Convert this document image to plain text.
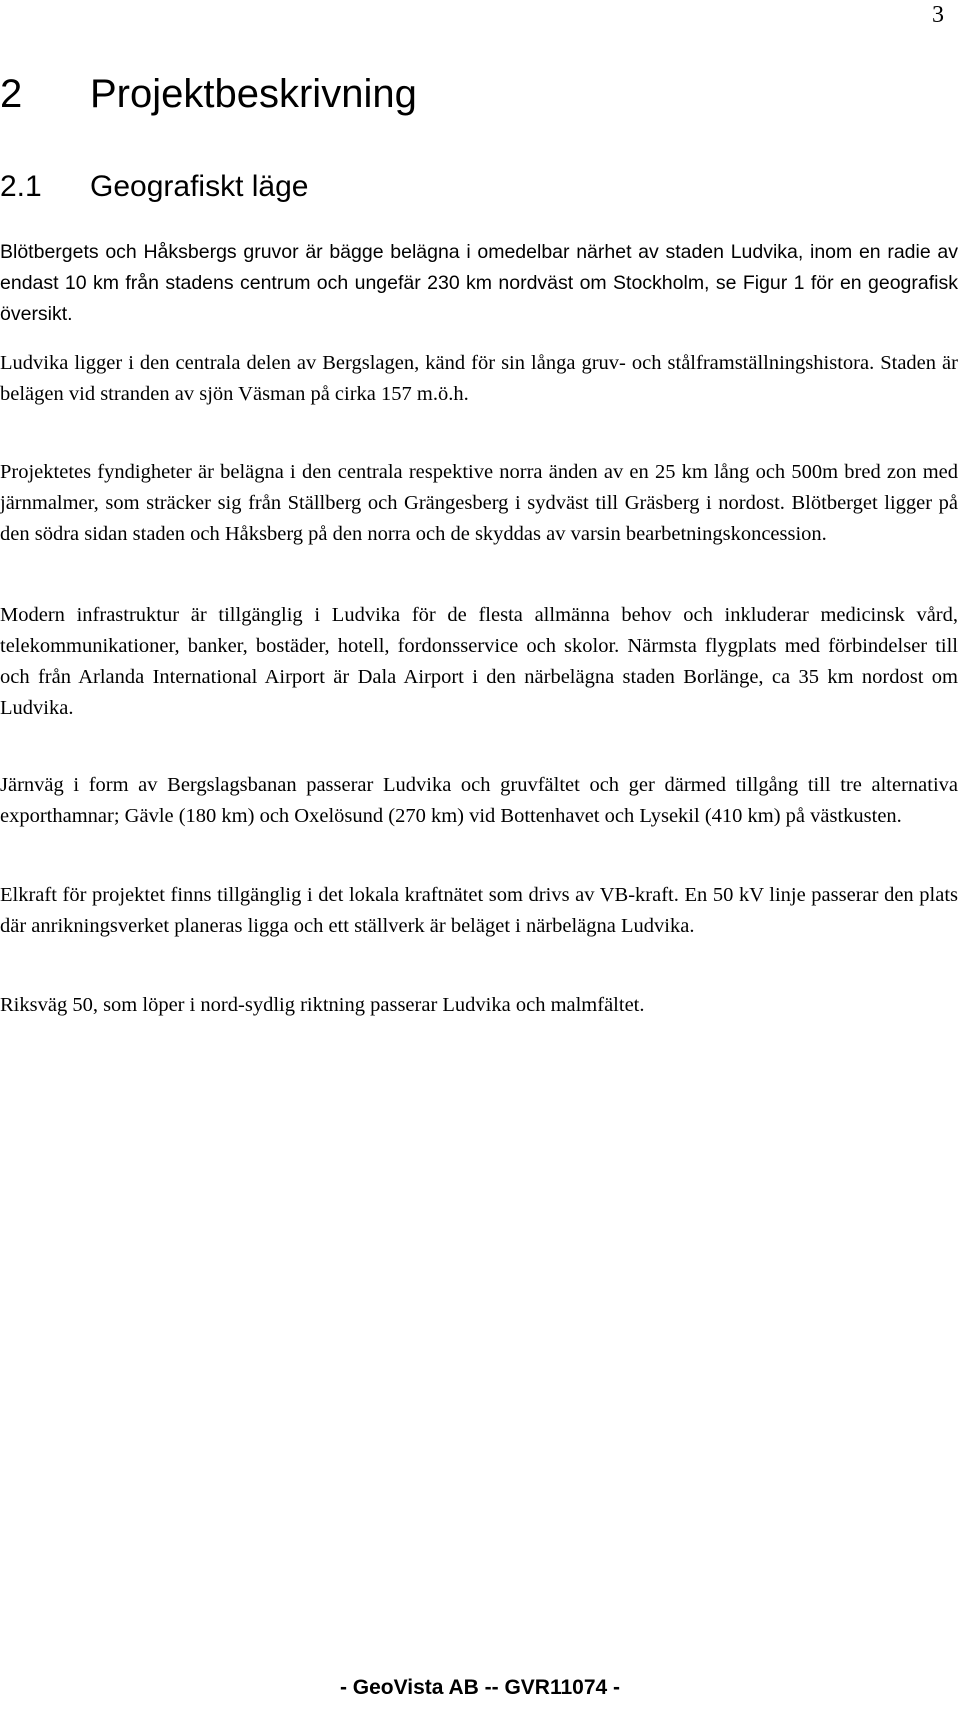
3
2 Projektbeskrivning
2.1 Geografiskt läge

Blötbergets och Håksbergs gruvor är bägge belägna i omedelbar närhet av staden Ludvika, inom en radie av endast 10 km från stadens centrum och ungefär 230 km nordväst om Stockholm, se Figur 1 för en geografisk översikt.

Ludvika ligger i den centrala delen av Bergslagen, känd för sin långa gruv- och stålframställningshistora. Staden är belägen vid stranden av sjön Väsman på cirka 157 m.ö.h.

Projektetes fyndigheter är belägna i den centrala respektive norra änden av en 25 km lång och 500m bred zon med järnmalmer, som sträcker sig från Ställberg och Grängesberg i sydväst till Gräsberg i nordost. Blötberget ligger på den södra sidan staden och Håksberg på den norra och de skyddas av varsin bearbetningskoncession.

Modern infrastruktur är tillgänglig i Ludvika för de flesta allmänna behov och inkluderar medicinsk vård, telekommunikationer, banker, bostäder, hotell, fordonsservice och skolor. Närmsta flygplats med förbindelser till och från Arlanda International Airport är Dala Airport i den närbelägna staden Borlänge, ca 35 km nordost om Ludvika.

Järnväg i form av Bergslagsbanan passerar Ludvika och gruvfältet och ger därmed tillgång till tre alternativa exporthamnar; Gävle (180 km) och Oxelösund (270 km) vid Bottenhavet och Lysekil (410 km) på västkusten.

Elkraft för projektet finns tillgänglig i det lokala kraftnätet som drivs av VB-kraft. En 50 kV linje passerar den plats där anrikningsverket planeras ligga och ett ställverk är beläget i närbelägna Ludvika.

Riksväg 50, som löper i nord-sydlig riktning passerar Ludvika och malmfältet.

- GeoVista AB -- GVR11074 -
